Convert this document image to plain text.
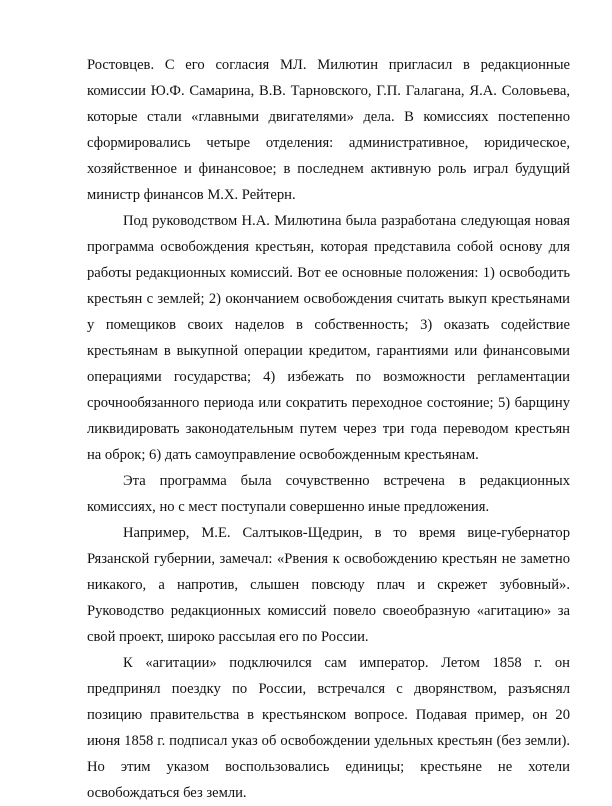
Ростовцев. С его согласия МЛ. Милютин пригласил в редакционные комиссии Ю.Ф. Самарина, В.В. Тарновского, Г.П. Галагана, Я.А. Соловьева, которые стали «главными двигателями» дела. В комиссиях постепенно сформировались четыре отделения: административное, юридическое, хозяйственное и финансовое; в последнем активную роль играл будущий министр финансов М.Х. Рейтерн.

Под руководством Н.А. Милютина была разработана следующая новая программа освобождения крестьян, которая представила собой основу для работы редакционных комиссий. Вот ее основные положения: 1) освободить крестьян с землей; 2) окончанием освобождения считать выкуп крестьянами у помещиков своих наделов в собственность; 3) оказать содействие крестьянам в выкупной операции кредитом, гарантиями или финансовыми операциями государства; 4) избежать по возможности регламентации срочнообязанного периода или сократить переходное состояние; 5) барщину ликвидировать законодательным путем через три года переводом крестьян на оброк; 6) дать самоуправление освобожденным крестьянам.

Эта программа была сочувственно встречена в редакционных комиссиях, но с мест поступали совершенно иные предложения.

Например, М.Е. Салтыков-Щедрин, в то время вице-губернатор Рязанской губернии, замечал: «Рвения к освобождению крестьян не заметно никакого, а напротив, слышен повсюду плач и скрежет зубовный». Руководство редакционных комиссий повело своеобразную «агитацию» за свой проект, широко рассылая его по России.

К «агитации» подключился сам император. Летом 1858 г. он предпринял поездку по России, встречался с дворянством, разъяснял позицию правительства в крестьянском вопросе. Подавая пример, он 20 июня 1858 г. подписал указ об освобождении удельных крестьян (без земли). Но этим указом воспользовались единицы; крестьяне не хотели освобождаться без земли.
